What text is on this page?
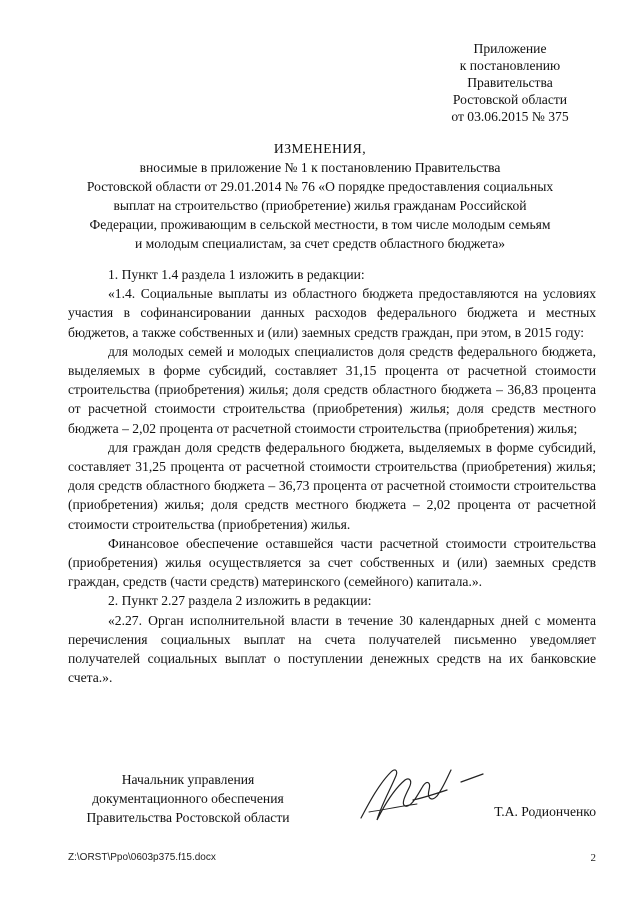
Приложение
к постановлению
Правительства
Ростовской области
от 03.06.2015 № 375
ИЗМЕНЕНИЯ,
вносимые в приложение № 1 к постановлению Правительства
Ростовской области от 29.01.2014 № 76 «О порядке предоставления социальных
выплат на строительство (приобретение) жилья гражданам Российской
Федерации, проживающим в сельской местности, в том числе молодым семьям
и молодым специалистам, за счет средств областного бюджета»

1. Пункт 1.4 раздела 1 изложить в редакции:

«1.4. Социальные выплаты из областного бюджета предоставляются на условиях участия в софинансировании данных расходов федерального бюджета и местных бюджетов, а также собственных и (или) заемных средств граждан, при этом, в 2015 году:

для молодых семей и молодых специалистов доля средств федерального бюджета, выделяемых в форме субсидий, составляет 31,15 процента от расчетной стоимости строительства (приобретения) жилья; доля средств областного бюджета – 36,83 процента от расчетной стоимости строительства (приобретения) жилья; доля средств местного бюджета – 2,02 процента от расчетной стоимости строительства (приобретения) жилья;

для граждан доля средств федерального бюджета, выделяемых в форме субсидий, составляет 31,25 процента от расчетной стоимости строительства (приобретения) жилья; доля средств областного бюджета – 36,73 процента от расчетной стоимости строительства (приобретения) жилья; доля средств местного бюджета – 2,02 процента от расчетной стоимости строительства (приобретения) жилья.

Финансовое обеспечение оставшейся части расчетной стоимости строительства (приобретения) жилья осуществляется за счет собственных и (или) заемных средств граждан, средств (части средств) материнского (семейного) капитала.».

2. Пункт 2.27 раздела 2 изложить в редакции:

«2.27. Орган исполнительной власти в течение 30 календарных дней с момента перечисления социальных выплат на счета получателей письменно уведомляет получателей социальных выплат о поступлении денежных средств на их банковские счета.».

Начальник управления
документационного обеспечения
Правительства Ростовской области	Т.А. Родионченко
Z:\ORST\Ppo\0603p375.f15.docx	2
